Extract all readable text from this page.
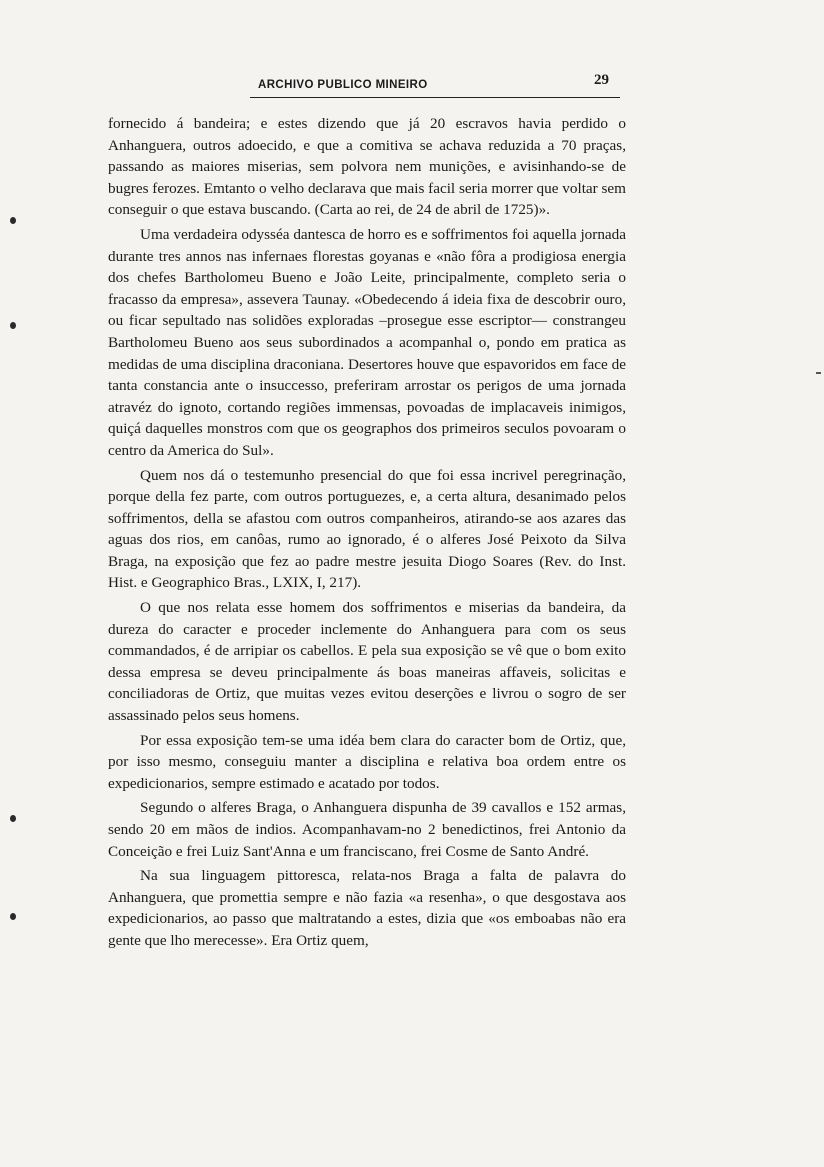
ARCHIVO PUBLICO MINEIRO	29

fornecido á bandeira; e estes dizendo que já 20 escravos havia perdido o Anhanguera, outros adoecido, e que a comitiva se achava reduzida a 70 praças, passando as maiores miserias, sem polvora nem munições, e avisinhando-se de bugres ferozes. Emtanto o velho declarava que mais facil seria morrer que voltar sem conseguir o que estava buscando. (Carta ao rei, de 24 de abril de 1725)».

Uma verdadeira odysséa dantesca de horro es e soffrimentos foi aquella jornada durante tres annos nas infernaes florestas goyanas e «não fôra a prodigiosa energia dos chefes Bartholomeu Bueno e João Leite, principalmente, completo seria o fracasso da empresa», assevera Taunay. «Obedecendo á ideia fixa de descobrir ouro, ou ficar sepultado nas solidões exploradas –prosegue esse escriptor— constrangeu Bartholomeu Bueno aos seus subordinados a acompanhal o, pondo em pratica as medidas de uma disciplina draconiana. Desertores houve que espavoridos em face de tanta constancia ante o insuccesso, preferiram arrostar os perigos de uma jornada atravéz do ignoto, cortando regiões immensas, povoadas de implacaveis inimigos, quiçá daquelles monstros com que os geographos dos primeiros seculos povoaram o centro da America do Sul».

Quem nos dá o testemunho presencial do que foi essa incrivel peregrinação, porque della fez parte, com outros portuguezes, e, a certa altura, desanimado pelos soffrimentos, della se afastou com outros companheiros, atirando-se aos azares das aguas dos rios, em canôas, rumo ao ignorado, é o alferes José Peixoto da Silva Braga, na exposição que fez ao padre mestre jesuita Diogo Soares (Rev. do Inst. Hist. e Geographico Bras., LXIX, I, 217).

O que nos relata esse homem dos soffrimentos e miserias da bandeira, da dureza do caracter e proceder inclemente do Anhanguera para com os seus commandados, é de arripiar os cabellos. E pela sua exposição se vê que o bom exito dessa empresa se deveu principalmente ás boas maneiras affaveis, solicitas e conciliadoras de Ortiz, que muitas vezes evitou deserções e livrou o sogro de ser assassinado pelos seus homens.

Por essa exposição tem-se uma idéa bem clara do caracter bom de Ortiz, que, por isso mesmo, conseguiu manter a disciplina e relativa boa ordem entre os expedicionarios, sempre estimado e acatado por todos.

Segundo o alferes Braga, o Anhanguera dispunha de 39 cavallos e 152 armas, sendo 20 em mãos de indios. Acompanhavam-no 2 benedictinos, frei Antonio da Conceição e frei Luiz Sant'Anna e um franciscano, frei Cosme de Santo André.

Na sua linguagem pittoresca, relata-nos Braga a falta de palavra do Anhanguera, que promettia sempre e não fazia «a resenha», o que desgostava aos expedicionarios, ao passo que maltratando a estes, dizia que «os emboabas não era gente que lho merecesse». Era Ortiz quem,
